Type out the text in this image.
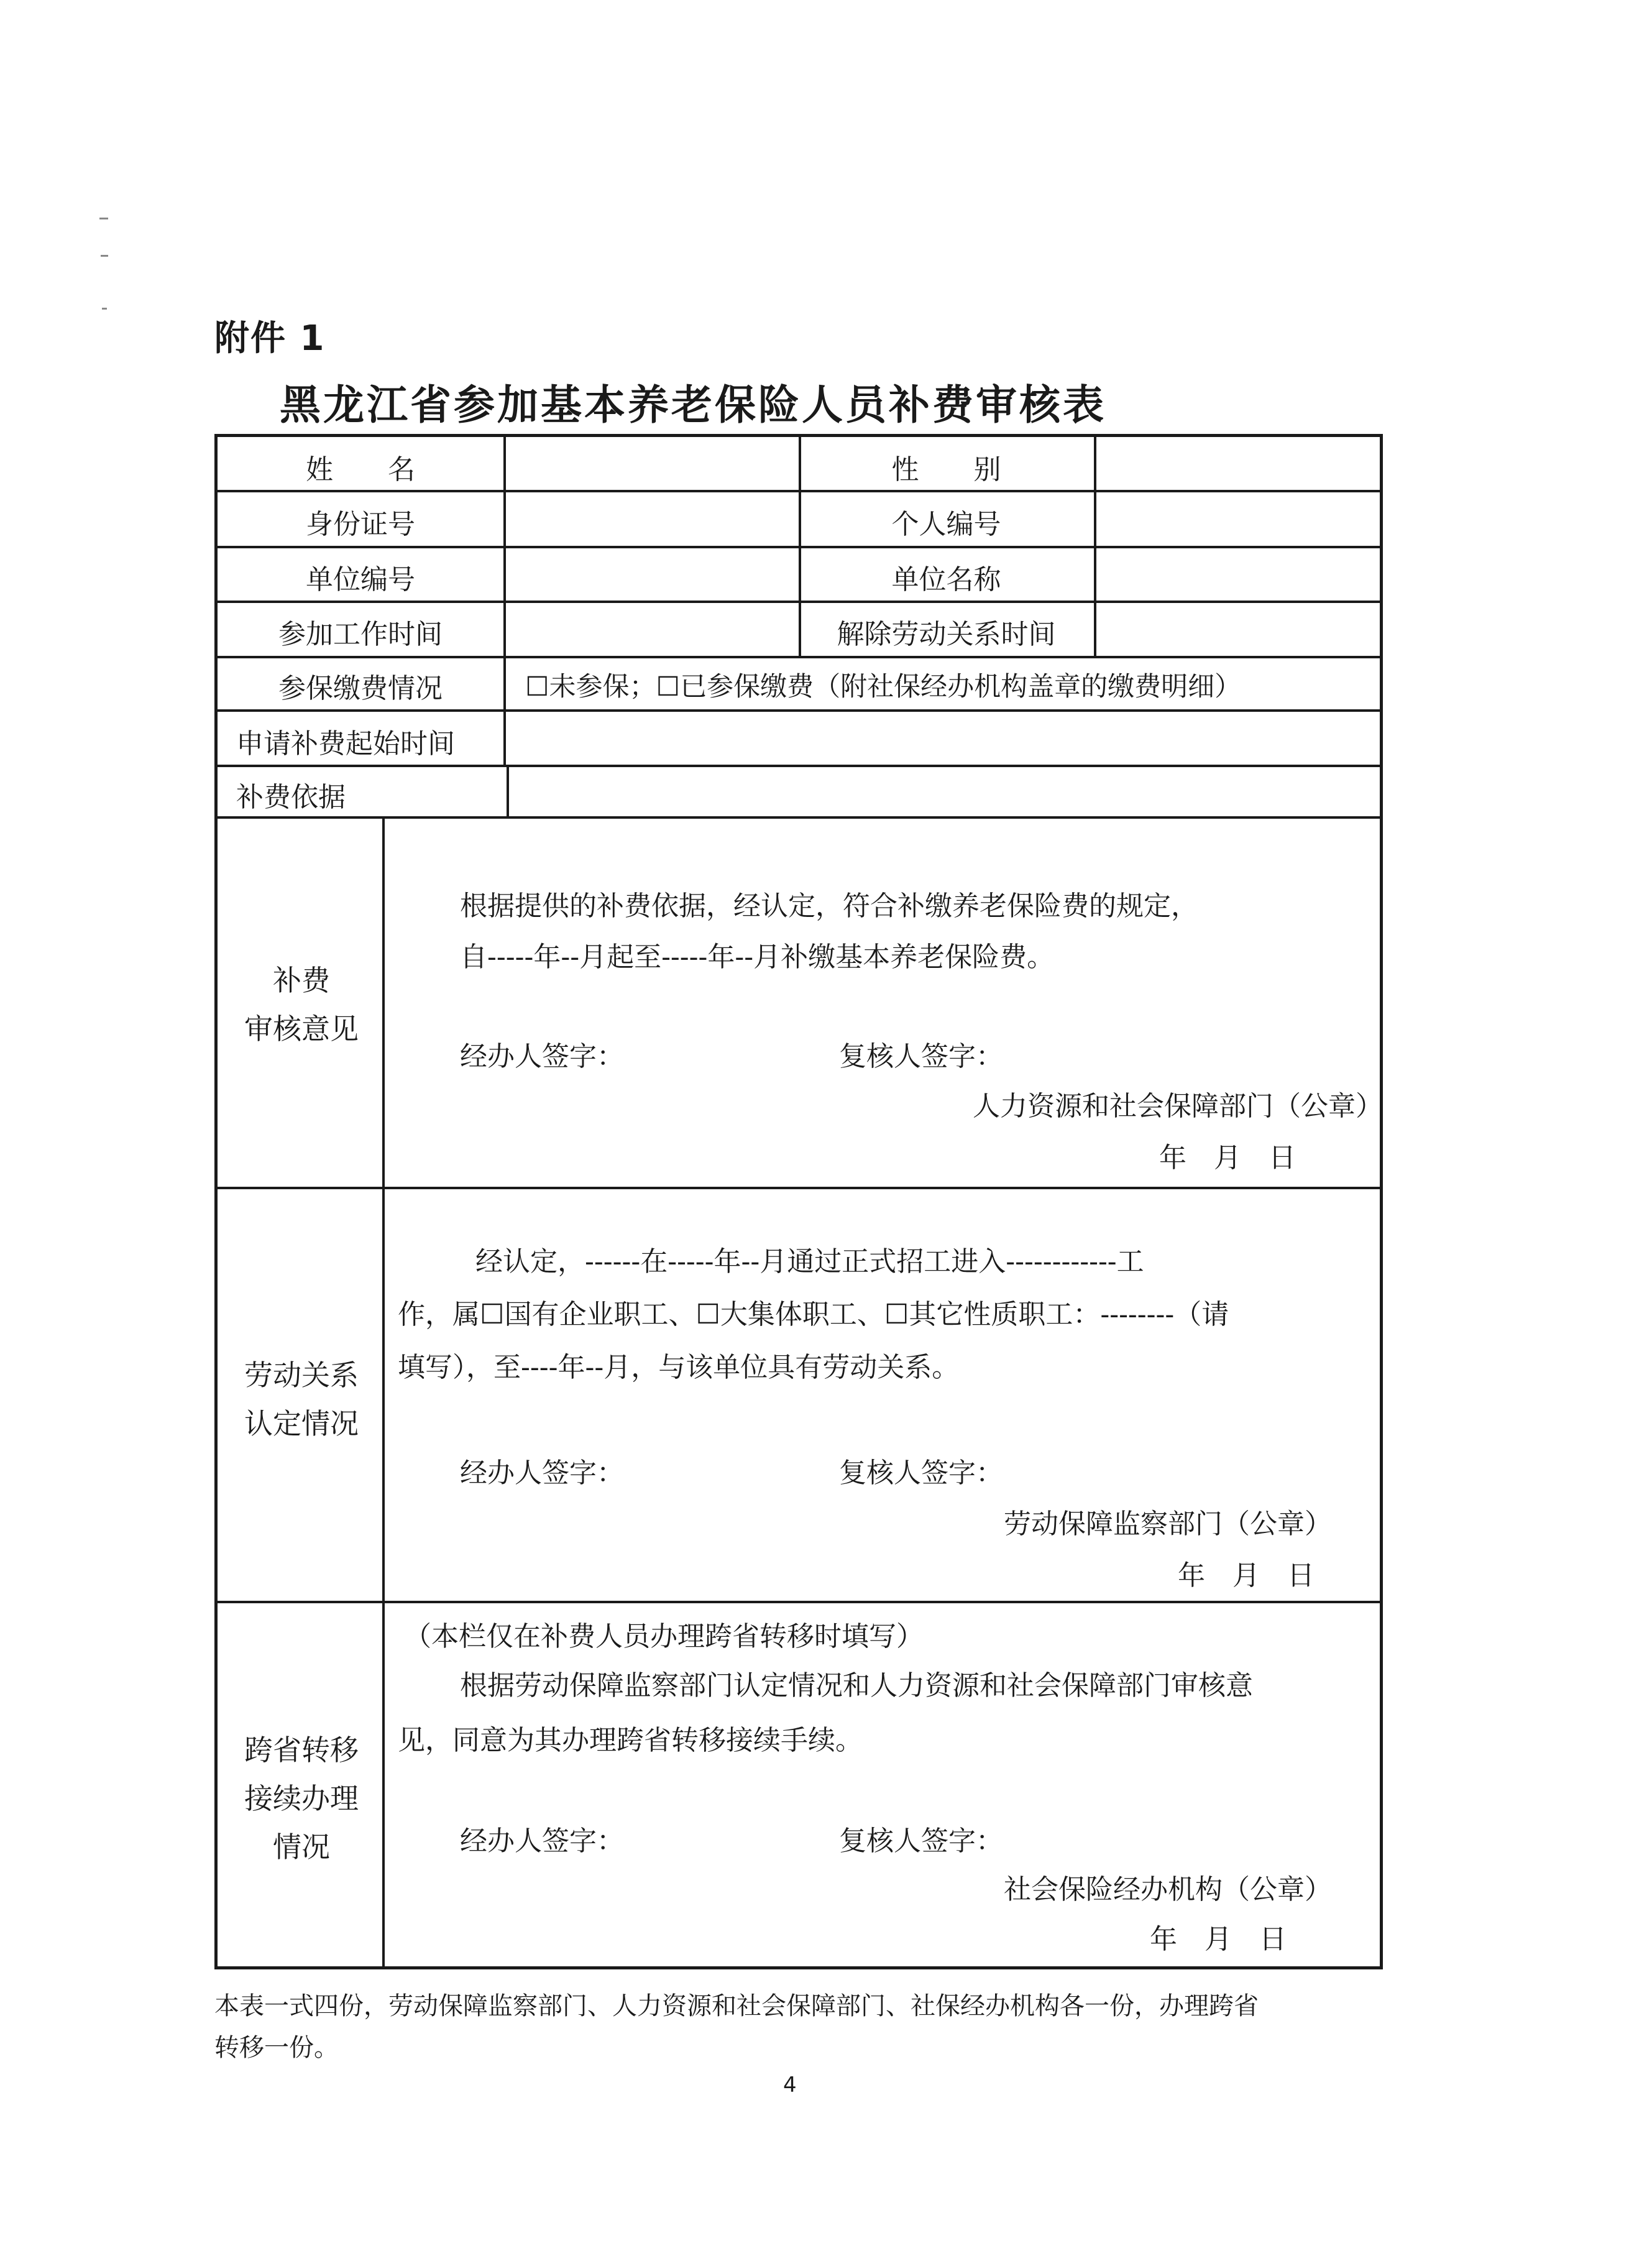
附件 1
黑龙江省参加基本养老保险人员补费审核表
姓　　名	性　　别
身份证号	个人编号
单位编号	单位名称
参加工作时间	解除劳动关系时间
参保缴费情况	☐未参保；☐已参保缴费（附社保经办机构盖章的缴费明细）
申请补费起始时间
补费依据
补费
审核意见
根据提供的补费依据，经认定，符合补缴养老保险费的规定，
自-----年--月起至-----年--月补缴基本养老保险费。
经办人签字：	复核人签字：
人力资源和社会保障部门（公章）
年　月　日
劳动关系
认定情况
经认定，------在-----年--月通过正式招工进入------------工
作，属☐国有企业职工、☐大集体职工、☐其它性质职工：--------（请
填写），至----年--月，与该单位具有劳动关系。
经办人签字：	复核人签字：
劳动保障监察部门（公章）
年　月　日
跨省转移
接续办理
情况
（本栏仅在补费人员办理跨省转移时填写）
根据劳动保障监察部门认定情况和人力资源和社会保障部门审核意
见，同意为其办理跨省转移接续手续。
经办人签字：	复核人签字：
社会保险经办机构（公章）
年　月　日
本表一式四份，劳动保障监察部门、人力资源和社会保障部门、社保经办机构各一份，办理跨省
转移一份。
4
